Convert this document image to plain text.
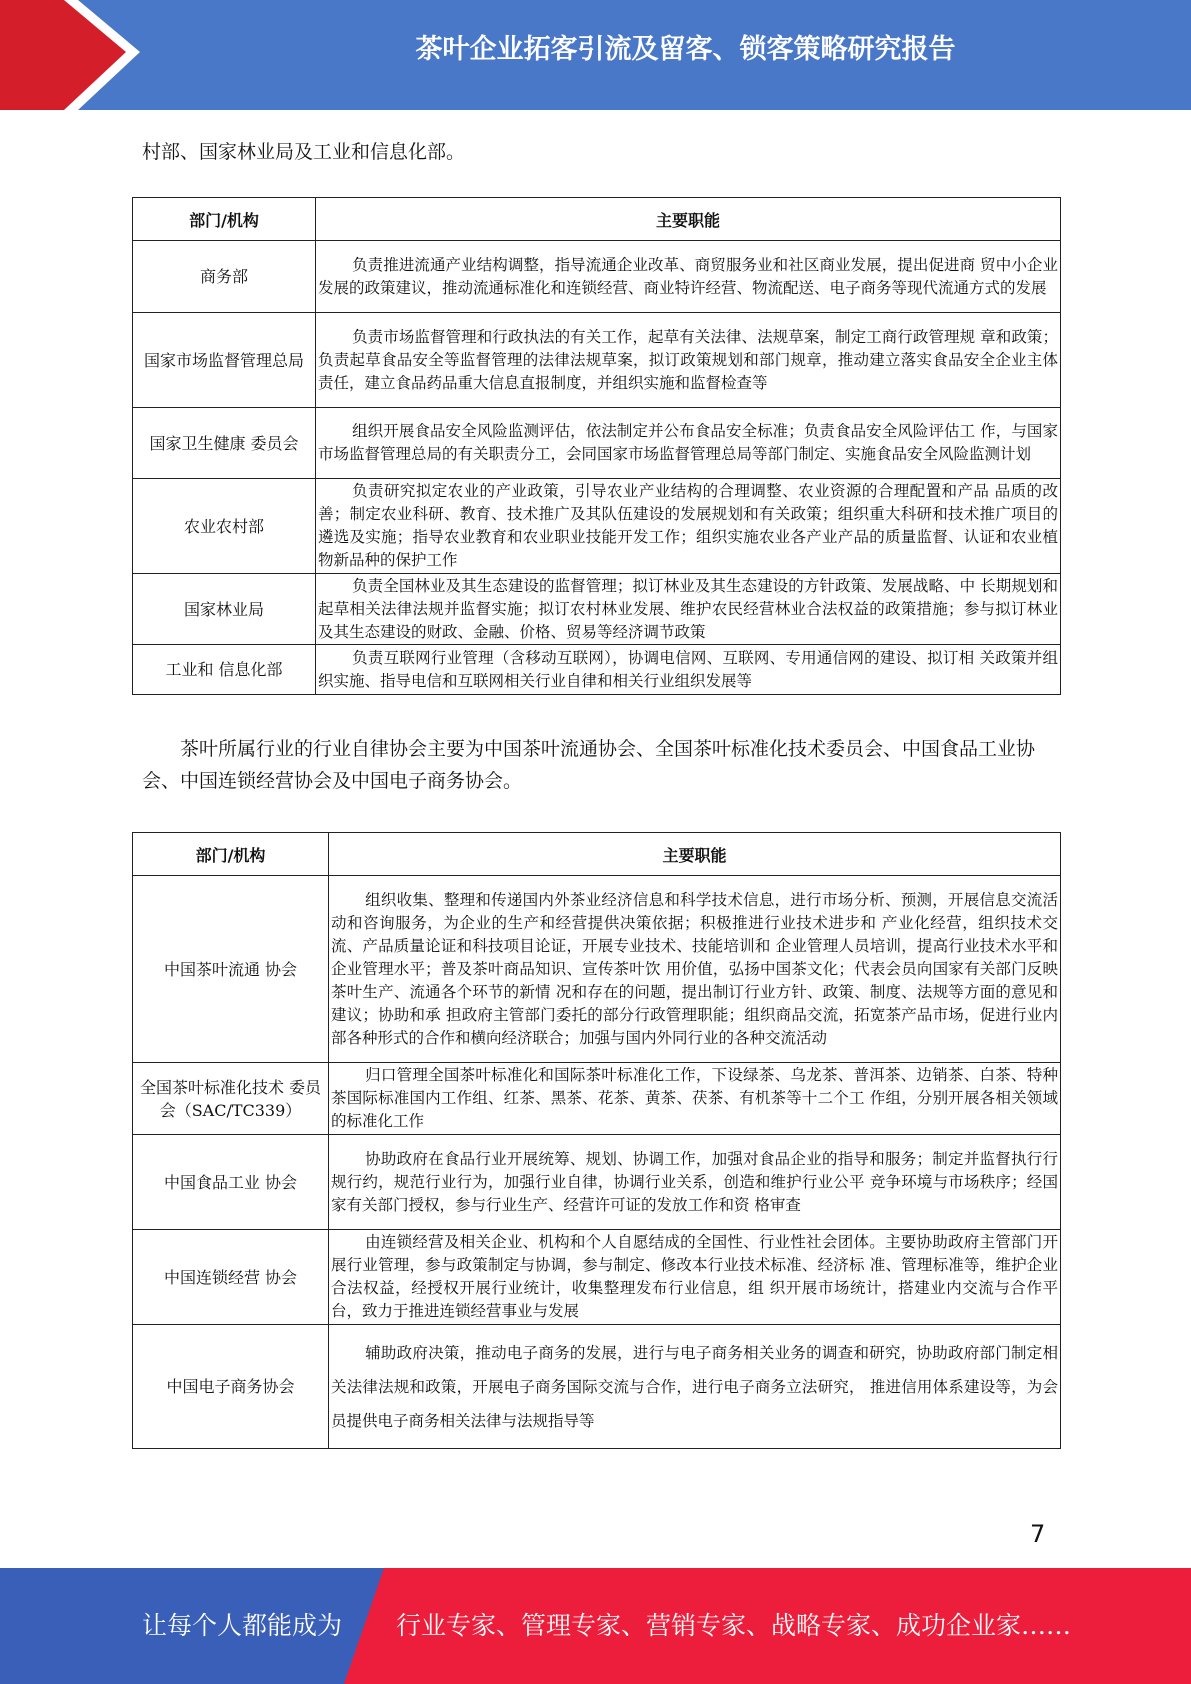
茶叶企业拓客引流及留客、锁客策略研究报告

村部、国家林业局及工业和信息化部。

部门/机构	主要职能
商务部	负责推进流通产业结构调整，指导流通企业改革、商贸服务业和社区商业发展，提出促进商 贸中小企业发展的政策建议，推动流通标准化和连锁经营、商业特许经营、物流配送、电子商务等现代流通方式的发展
国家市场监督管理总局	负责市场监督管理和行政执法的有关工作，起草有关法律、法规草案，制定工商行政管理规 章和政策；负责起草食品安全等监督管理的法律法规草案，拟订政策规划和部门规章，推动建立落实食品安全企业主体责任，建立食品药品重大信息直报制度，并组织实施和监督检查等
国家卫生健康 委员会	组织开展食品安全风险监测评估，依法制定并公布食品安全标准；负责食品安全风险评估工 作，与国家市场监督管理总局的有关职责分工，会同国家市场监督管理总局等部门制定、实施食品安全风险监测计划
农业农村部	负责研究拟定农业的产业政策，引导农业产业结构的合理调整、农业资源的合理配置和产品 品质的改善；制定农业科研、教育、技术推广及其队伍建设的发展规划和有关政策；组织重大科研和技术推广项目的遴选及实施；指导农业教育和农业职业技能开发工作；组织实施农业各产业产品的质量监督、认证和农业植物新品种的保护工作
国家林业局	负责全国林业及其生态建设的监督管理；拟订林业及其生态建设的方针政策、发展战略、中 长期规划和起草相关法律法规并监督实施；拟订农村林业发展、维护农民经营林业合法权益的政策措施；参与拟订林业及其生态建设的财政、金融、价格、贸易等经济调节政策
工业和 信息化部	负责互联网行业管理（含移动互联网），协调电信网、互联网、专用通信网的建设、拟订相 关政策并组织实施、指导电信和互联网相关行业自律和相关行业组织发展等

茶叶所属行业的行业自律协会主要为中国茶叶流通协会、全国茶叶标准化技术委员会、中国食品工业协会、中国连锁经营协会及中国电子商务协会。

部门/机构	主要职能
中国茶叶流通 协会	组织收集、整理和传递国内外茶业经济信息和科学技术信息，进行市场分析、预测，开展信息交流活动和咨询服务，为企业的生产和经营提供决策依据；积极推进行业技术进步和 产业化经营，组织技术交流、产品质量论证和科技项目论证，开展专业技术、技能培训和 企业管理人员培训，提高行业技术水平和企业管理水平；普及茶叶商品知识、宣传茶叶饮 用价值，弘扬中国茶文化；代表会员向国家有关部门反映茶叶生产、流通各个环节的新情 况和存在的问题，提出制订行业方针、政策、制度、法规等方面的意见和建议；协助和承 担政府主管部门委托的部分行政管理职能；组织商品交流，拓宽茶产品市场，促进行业内 部各种形式的合作和横向经济联合；加强与国内外同行业的各种交流活动
全国茶叶标准化技术 委员会（SAC/TC339）	归口管理全国茶叶标准化和国际茶叶标准化工作，下设绿茶、乌龙茶、普洱茶、边销茶、白茶、特种茶国际标准国内工作组、红茶、黑茶、花茶、黄茶、茯茶、有机茶等十二个工 作组，分别开展各相关领域的标准化工作
中国食品工业 协会	协助政府在食品行业开展统筹、规划、协调工作，加强对食品企业的指导和服务；制定并监督执行行规行约，规范行业行为，加强行业自律，协调行业关系，创造和维护行业公平 竞争环境与市场秩序；经国家有关部门授权，参与行业生产、经营许可证的发放工作和资 格审查
中国连锁经营 协会	由连锁经营及相关企业、机构和个人自愿结成的全国性、行业性社会团体。主要协助政府主管部门开展行业管理，参与政策制定与协调，参与制定、修改本行业技术标准、经济标 准、管理标准等，维护企业合法权益，经授权开展行业统计，收集整理发布行业信息，组 织开展市场统计，搭建业内交流与合作平台，致力于推进连锁经营事业与发展
中国电子商务协会	辅助政府决策，推动电子商务的发展，进行与电子商务相关业务的调查和研究，协助政府部门制定相关法律法规和政策，开展电子商务国际交流与合作，进行电子商务立法研究， 推进信用体系建设等，为会员提供电子商务相关法律与法规指导等
7
让每个人都能成为 行业专家、管理专家、营销专家、战略专家、成功企业家……
